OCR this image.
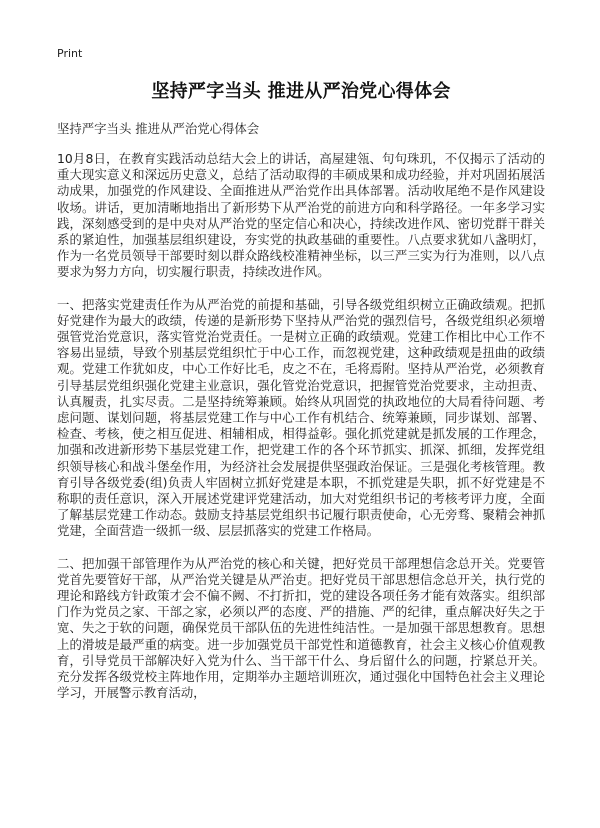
Print
坚持严字当头 推进从严治党心得体会

坚持严字当头 推进从严治党心得体会

10月8日，在教育实践活动总结大会上的讲话，高屋建瓴、句句珠玑，不仅揭示了活动的重大现实意义和深远历史意义，总结了活动取得的丰硕成果和成功经验，并对巩固拓展活动成果，加强党的作风建设、全面推进从严治党作出具体部署。活动收尾绝不是作风建设收场。讲话，更加清晰地指出了新形势下从严治党的前进方向和科学路径。一年多学习实践，深刻感受到的是中央对从严治党的坚定信心和决心，持续改进作风、密切党群干群关系的紧迫性，加强基层组织建设，夯实党的执政基础的重要性。八点要求犹如八盏明灯，作为一名党员领导干部要时刻以群众路线校准精神坐标，以三严三实为行为准则，以八点要求为努力方向，切实履行职责，持续改进作风。

一、把落实党建责任作为从严治党的前提和基础，引导各级党组织树立正确政绩观。把抓好党建作为最大的政绩，传递的是新形势下坚持从严治党的强烈信号，各级党组织必须增强管党治党意识，落实管党治党责任。一是树立正确的政绩观。党建工作相比中心工作不容易出显绩，导致个别基层党组织忙于中心工作，而忽视党建，这种政绩观是扭曲的政绩观。党建工作犹如皮，中心工作好比毛，皮之不在，毛将焉附。坚持从严治党，必须教育引导基层党组织强化党建主业意识，强化管党治党意识，把握管党治党要求，主动担责、认真履责，扎实尽责。二是坚持统筹兼顾。始终从巩固党的执政地位的大局看待问题、考虑问题、谋划问题，将基层党建工作与中心工作有机结合、统筹兼顾，同步谋划、部署、检查、考核，使之相互促进、相辅相成，相得益彰。强化抓党建就是抓发展的工作理念，加强和改进新形势下基层党建工作，把党建工作的各个环节抓实、抓深、抓细，发挥党组织领导核心和战斗堡垒作用，为经济社会发展提供坚强政治保证。三是强化考核管理。教育引导各级党委(组)负责人牢固树立抓好党建是本职，不抓党建是失职，抓不好党建是不称职的责任意识，深入开展述党建评党建活动，加大对党组织书记的考核考评力度，全面了解基层党建工作动态。鼓励支持基层党组织书记履行职责使命，心无旁骛、聚精会神抓党建，全面营造一级抓一级、层层抓落实的党建工作格局。

二、把加强干部管理作为从严治党的核心和关键，把好党员干部理想信念总开关。党要管党首先要管好干部，从严治党关键是从严治吏。把好党员干部思想信念总开关，执行党的理论和路线方针政策才会不偏不阙、不打折扣，党的建设各项任务才能有效落实。组织部门作为党员之家、干部之家，必须以严的态度、严的措施、严的纪律，重点解决好失之于宽、失之于软的问题，确保党员干部队伍的先进性纯洁性。一是加强干部思想教育。思想上的滑坡是最严重的病变。进一步加强党员干部党性和道德教育，社会主义核心价值观教育，引导党员干部解决好入党为什么、当干部干什么、身后留什么的问题，拧紧总开关。充分发挥各级党校主阵地作用，定期举办主题培训班次，通过强化中国特色社会主义理论学习，开展警示教育活动，
